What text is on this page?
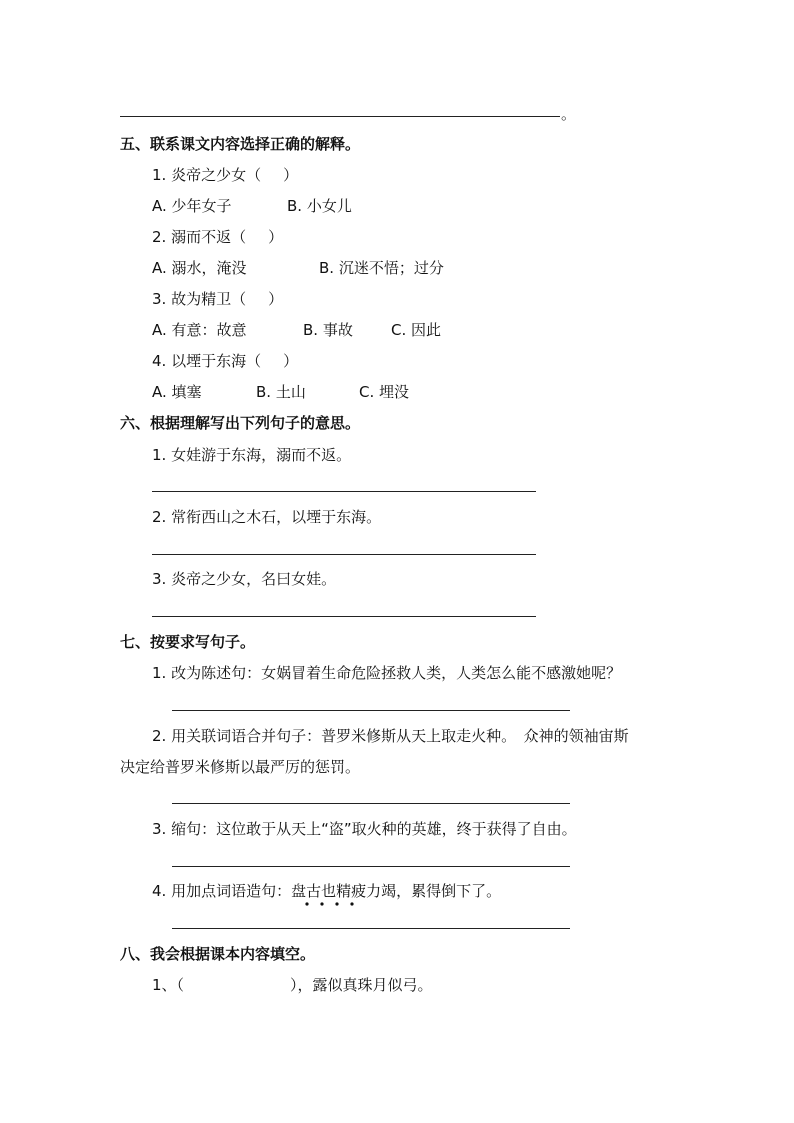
。
五、联系课文内容选择正确的解释。
1. 炎帝之少女（ ）
A. 少年女子	B. 小女儿
2. 溺而不返（ ）
A. 溺水，淹没	B. 沉迷不悟；过分
3. 故为精卫（ ）
A. 有意：故意	B. 事故	C. 因此
4. 以堙于东海（ ）
A. 填塞	B. 土山	C. 埋没
六、根据理解写出下列句子的意思。
1. 女娃游于东海，溺而不返。
2. 常衔西山之木石，以堙于东海。
3. 炎帝之少女，名曰女娃。
七、按要求写句子。
1. 改为陈述句：女娲冒着生命危险拯救人类，人类怎么能不感激她呢？
2. 用关联词语合并句子：普罗米修斯从天上取走火种。　众神的领袖宙斯
决定给普罗米修斯以最严厉的惩罚。
3. 缩句：这位敢于从天上“盗”取火种的英雄，终于获得了自由。
4. 用加点词语造句：盘古也精疲力竭，累得倒下了。
八、我会根据课本内容填空。
1、（	），露似真珠月似弓。
